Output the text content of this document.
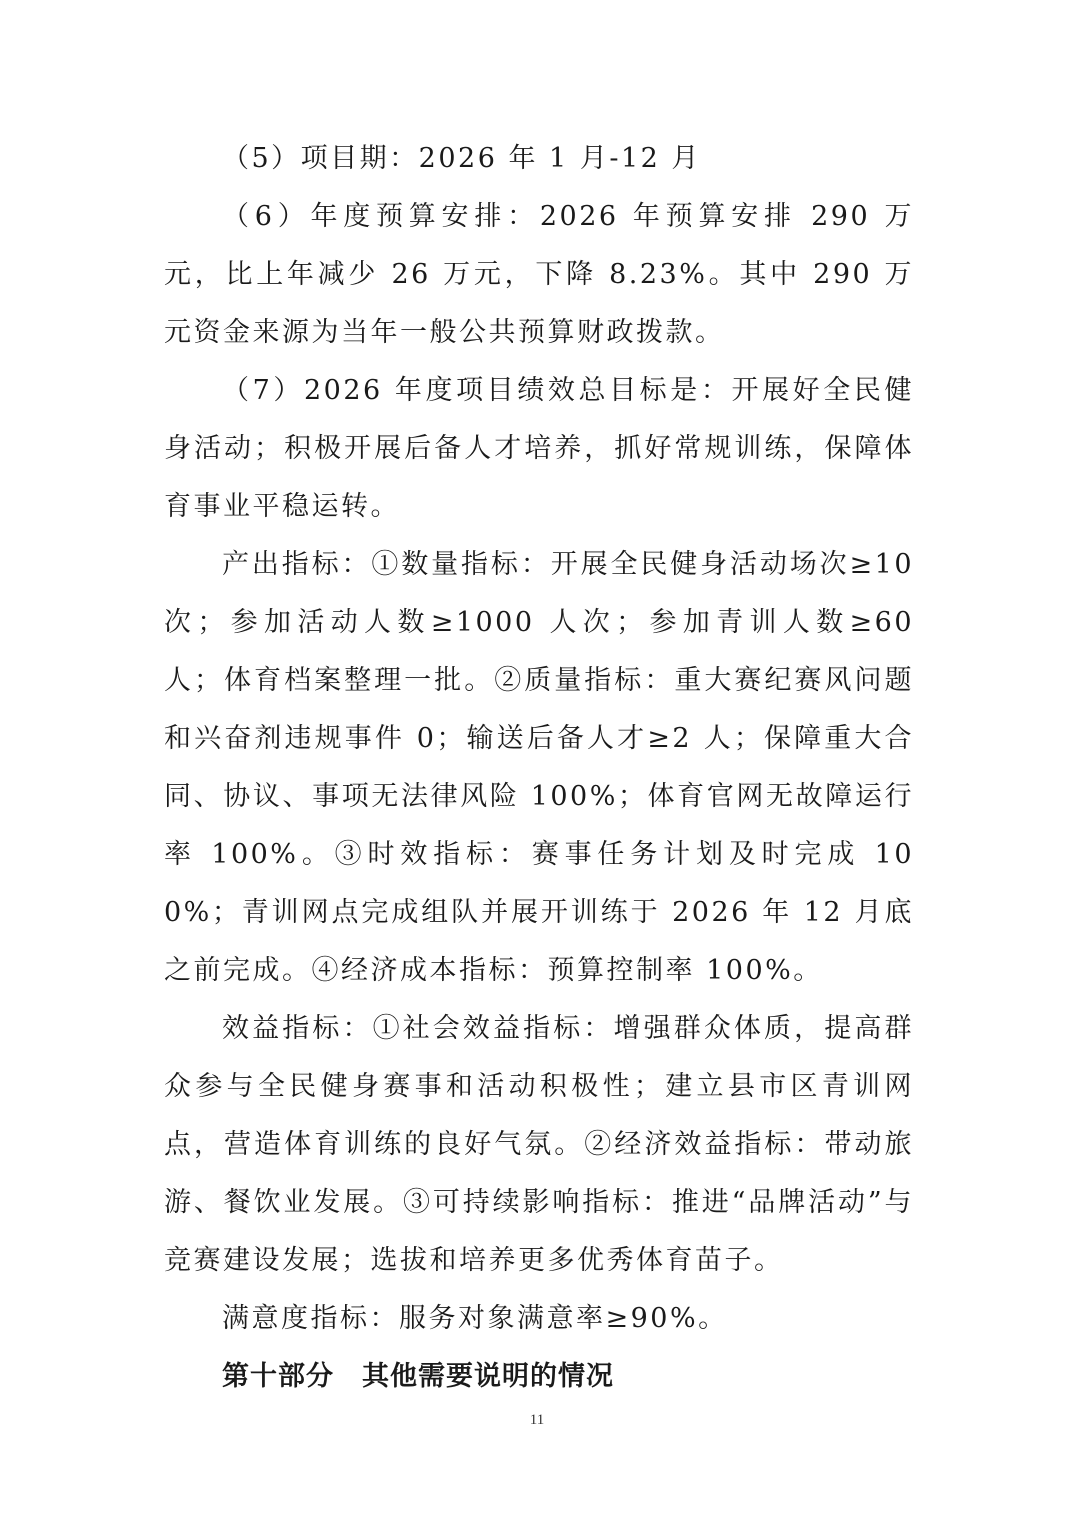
（5）项目期：2026 年 1 月-12 月

（6）年度预算安排：2026 年预算安排 290 万元，比上年减少 26 万元，下降 8.23%。其中 290 万元资金来源为当年一般公共预算财政拨款。

（7）2026 年度项目绩效总目标是：开展好全民健身活动；积极开展后备人才培养，抓好常规训练，保障体育事业平稳运转。

产出指标：①数量指标：开展全民健身活动场次≥10 次；参加活动人数≥1000 人次；参加青训人数≥60 人；体育档案整理一批。②质量指标：重大赛纪赛风问题和兴奋剂违规事件 0；输送后备人才≥2 人；保障重大合同、协议、事项无法律风险 100%；体育官网无故障运行率 100%。③时效指标：赛事任务计划及时完成 100%；青训网点完成组队并展开训练于 2026 年 12 月底之前完成。④经济成本指标：预算控制率 100%。

效益指标：①社会效益指标：增强群众体质，提高群众参与全民健身赛事和活动积极性；建立县市区青训网点，营造体育训练的良好气氛。②经济效益指标：带动旅游、餐饮业发展。③可持续影响指标：推进“品牌活动”与竞赛建设发展；选拔和培养更多优秀体育苗子。

满意度指标：服务对象满意率≥90%。

第十部分　其他需要说明的情况

11
